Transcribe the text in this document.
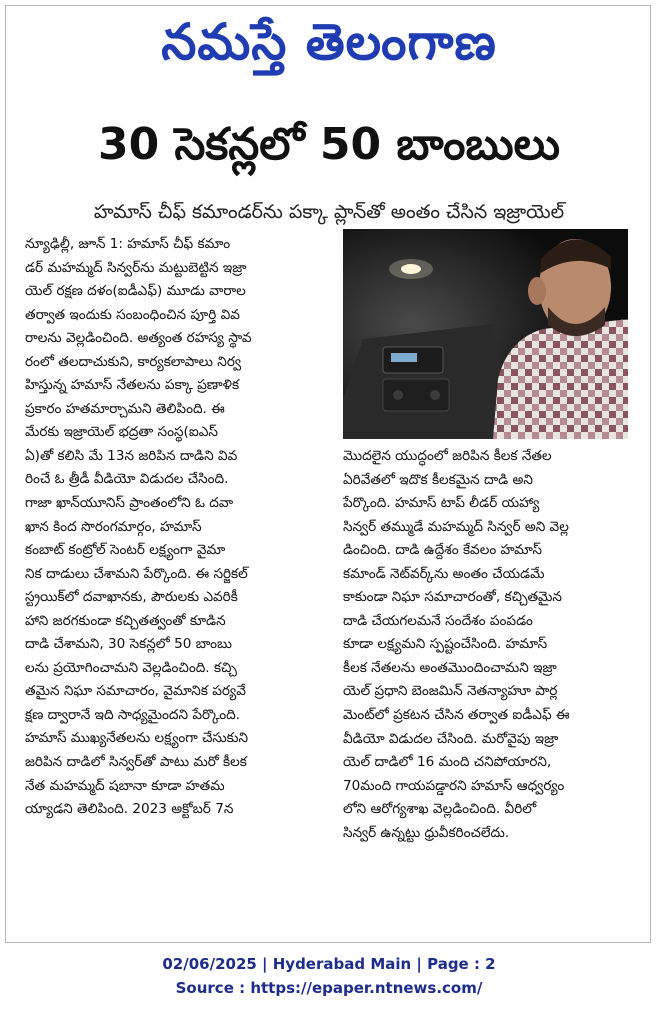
నమస్తే తెలంగాణ
30 సెకన్లలో 50 బాంబులు
హమాస్ చీఫ్ కమాండర్‌ను పక్కా ప్లాన్‌తో అంతం చేసిన ఇజ్రాయెల్
న్యూఢిల్లీ, జూన్ 1: హమాస్ చీఫ్ కమాం
డర్ మహమ్మద్ సిన్వర్‌ను మట్టుబెట్టిన ఇజ్రా
యెల్ రక్షణ దళం(ఐడీఎఫ్) మూడు వారాల
తర్వాత ఇందుకు సంబంధించిన పూర్తి వివ
రాలను వెల్లడించింది. అత్యంత రహస్య స్థావ
రంలో తలదాచుకుని, కార్యకలాపాలు నిర్వ
హిస్తున్న హమాస్ నేతలను పక్కా ప్రణాళిక
ప్రకారం హతమార్చామని తెలిపింది. ఈ
మేరకు ఇజ్రాయెల్ భద్రతా సంస్థ(ఐఎస్
ఏ)తో కలిసి మే 13న జరిపిన దాడిని వివ
రించే ఓ త్రీడీ వీడియో విడుదల చేసింది.
గాజా ఖాన్‌యూనిస్ ప్రాంతంలోని ఓ దవా
ఖాన కింద సొరంగమార్గం, హమాస్
కంబాట్ కంట్రోల్ సెంటర్ లక్ష్యంగా వైమా
నిక దాడులు చేశామని పేర్కొంది. ఈ సర్జికల్
స్ట్రయిక్‌లో దవాఖానకు, పౌరులకు ఎవరికీ
హాని జరగకుండా కచ్చితత్వంతో కూడిన
దాడి చేశామని, 30 సెకన్లలో 50 బాంబు
లను ప్రయోగించామని వెల్లడించింది. కచ్చి
తమైన నిఘా సమాచారం, వైమానిక పర్యవే
క్షణ ద్వారానే ఇది సాధ్యమైందని పేర్కొంది.
హమాస్ ముఖ్యనేతలను లక్ష్యంగా చేసుకుని
జరిపిన దాడిలో సిన్వర్‌తో పాటు మరో కీలక
నేత మహమ్మద్ షబానా కూడా హతమ
య్యాడని తెలిపింది. 2023 అక్టోబర్ 7న
మొదలైన యుద్ధంలో జరిపిన కీలక నేతల
ఏరివేతలో ఇదొక కీలకమైన దాడి అని
పేర్కొంది. హమాస్ టాప్ లీడర్ యహ్యా
సిన్వర్ తమ్ముడే మహమ్మద్ సిన్వర్ అని వెల్ల
డించింది. దాడి ఉద్దేశం కేవలం హమాస్
కమాండ్ నెట్‌వర్క్‌ను అంతం చేయడమే
కాకుండా నిఘా సమాచారంతో, కచ్చితమైన
దాడి చేయగలమనే సందేశం పంపడం
కూడా లక్ష్యమని స్పష్టంచేసింది. హమాస్
కీలక నేతలను అంతమొందించామని ఇజ్రా
యెల్ ప్రధాని బెంజమిన్ నెతన్యాహూ పార్ల
మెంట్‌లో ప్రకటన చేసిన తర్వాత ఐడీఎఫ్ ఈ
వీడియో విడుదల చేసింది. మరోవైపు ఇజ్రా
యెల్ దాడిలో 16 మంది చనిపోయారని,
70మంది గాయపడ్డారని హమాస్ ఆధ్వర్యం
లోని ఆరోగ్యశాఖ వెల్లడించింది. వీరిలో
సిన్వర్ ఉన్నట్టు ధ్రువీకరించలేదు.
02/06/2025 | Hyderabad Main | Page : 2
Source : https://epaper.ntnews.com/
